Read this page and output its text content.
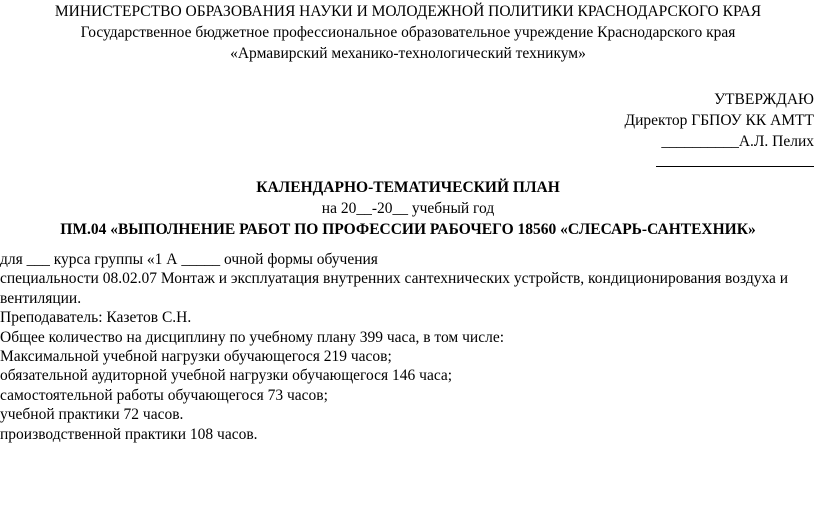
МИНИСТЕРСТВО ОБРАЗОВАНИЯ НАУКИ И МОЛОДЕЖНОЙ ПОЛИТИКИ КРАСНОДАРСКОГО КРАЯ
Государственное бюджетное профессиональное образовательное учреждение Краснодарского края
«Армавирский механико-технологический техникум»
УТВЕРЖДАЮ
Директор ГБПОУ КК АМТТ
__________А.Л. Пелих
КАЛЕНДАРНО-ТЕМАТИЧЕСКИЙ ПЛАН
на 20__-20__ учебный год
ПМ.04 «ВЫПОЛНЕНИЕ РАБОТ ПО ПРОФЕССИИ РАБОЧЕГО 18560 «СЛЕСАРЬ-САНТЕХНИК»
для ___ курса группы «1 А _____ очной формы обучения
специальности 08.02.07 Монтаж и эксплуатация внутренних сантехнических устройств, кондиционирования воздуха и
вентиляции.
Преподаватель: Казетов С.Н.
Общее количество на дисциплину по учебному плану 399 часа, в том числе:
Максимальной учебной нагрузки обучающегося 219 часов;
обязательной аудиторной учебной нагрузки обучающегося 146 часа;
самостоятельной работы обучающегося 73 часов;
учебной практики 72 часов.
производственной практики 108 часов.
